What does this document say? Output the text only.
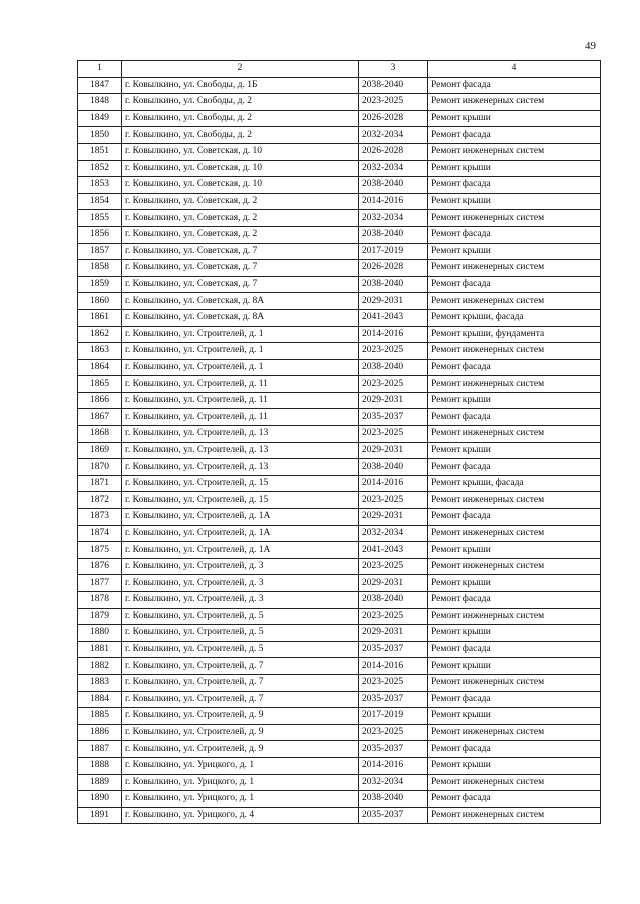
49
1	2	3	4
1847	г. Ковылкино, ул. Свободы, д. 1Б	2038-2040	Ремонт фасада
1848	г. Ковылкино, ул. Свободы, д. 2	2023-2025	Ремонт инженерных систем
1849	г. Ковылкино, ул. Свободы, д. 2	2026-2028	Ремонт крыши
1850	г. Ковылкино, ул. Свободы, д. 2	2032-2034	Ремонт фасада
1851	г. Ковылкино, ул. Советская, д. 10	2026-2028	Ремонт инженерных систем
1852	г. Ковылкино, ул. Советская, д. 10	2032-2034	Ремонт крыши
1853	г. Ковылкино, ул. Советская, д. 10	2038-2040	Ремонт фасада
1854	г. Ковылкино, ул. Советская, д. 2	2014-2016	Ремонт крыши
1855	г. Ковылкино, ул. Советская, д. 2	2032-2034	Ремонт инженерных систем
1856	г. Ковылкино, ул. Советская, д. 2	2038-2040	Ремонт фасада
1857	г. Ковылкино, ул. Советская, д. 7	2017-2019	Ремонт крыши
1858	г. Ковылкино, ул. Советская, д. 7	2026-2028	Ремонт инженерных систем
1859	г. Ковылкино, ул. Советская, д. 7	2038-2040	Ремонт фасада
1860	г. Ковылкино, ул. Советская, д. 8А	2029-2031	Ремонт инженерных систем
1861	г. Ковылкино, ул. Советская, д. 8А	2041-2043	Ремонт крыши, фасада
1862	г. Ковылкино, ул. Строителей, д. 1	2014-2016	Ремонт крыши, фундамента
1863	г. Ковылкино, ул. Строителей, д. 1	2023-2025	Ремонт инженерных систем
1864	г. Ковылкино, ул. Строителей, д. 1	2038-2040	Ремонт фасада
1865	г. Ковылкино, ул. Строителей, д. 11	2023-2025	Ремонт инженерных систем
1866	г. Ковылкино, ул. Строителей, д. 11	2029-2031	Ремонт крыши
1867	г. Ковылкино, ул. Строителей, д. 11	2035-2037	Ремонт фасада
1868	г. Ковылкино, ул. Строителей, д. 13	2023-2025	Ремонт инженерных систем
1869	г. Ковылкино, ул. Строителей, д. 13	2029-2031	Ремонт крыши
1870	г. Ковылкино, ул. Строителей, д. 13	2038-2040	Ремонт фасада
1871	г. Ковылкино, ул. Строителей, д. 15	2014-2016	Ремонт крыши, фасада
1872	г. Ковылкино, ул. Строителей, д. 15	2023-2025	Ремонт инженерных систем
1873	г. Ковылкино, ул. Строителей, д. 1А	2029-2031	Ремонт фасада
1874	г. Ковылкино, ул. Строителей, д. 1А	2032-2034	Ремонт инженерных систем
1875	г. Ковылкино, ул. Строителей, д. 1А	2041-2043	Ремонт крыши
1876	г. Ковылкино, ул. Строителей, д. 3	2023-2025	Ремонт инженерных систем
1877	г. Ковылкино, ул. Строителей, д. 3	2029-2031	Ремонт крыши
1878	г. Ковылкино, ул. Строителей, д. 3	2038-2040	Ремонт фасада
1879	г. Ковылкино, ул. Строителей, д. 5	2023-2025	Ремонт инженерных систем
1880	г. Ковылкино, ул. Строителей, д. 5	2029-2031	Ремонт крыши
1881	г. Ковылкино, ул. Строителей, д. 5	2035-2037	Ремонт фасада
1882	г. Ковылкино, ул. Строителей, д. 7	2014-2016	Ремонт крыши
1883	г. Ковылкино, ул. Строителей, д. 7	2023-2025	Ремонт инженерных систем
1884	г. Ковылкино, ул. Строителей, д. 7	2035-2037	Ремонт фасада
1885	г. Ковылкино, ул. Строителей, д. 9	2017-2019	Ремонт крыши
1886	г. Ковылкино, ул. Строителей, д. 9	2023-2025	Ремонт инженерных систем
1887	г. Ковылкино, ул. Строителей, д. 9	2035-2037	Ремонт фасада
1888	г. Ковылкино, ул. Урицкого, д. 1	2014-2016	Ремонт крыши
1889	г. Ковылкино, ул. Урицкого, д. 1	2032-2034	Ремонт инженерных систем
1890	г. Ковылкино, ул. Урицкого, д. 1	2038-2040	Ремонт фасада
1891	г. Ковылкино, ул. Урицкого, д. 4	2035-2037	Ремонт инженерных систем
